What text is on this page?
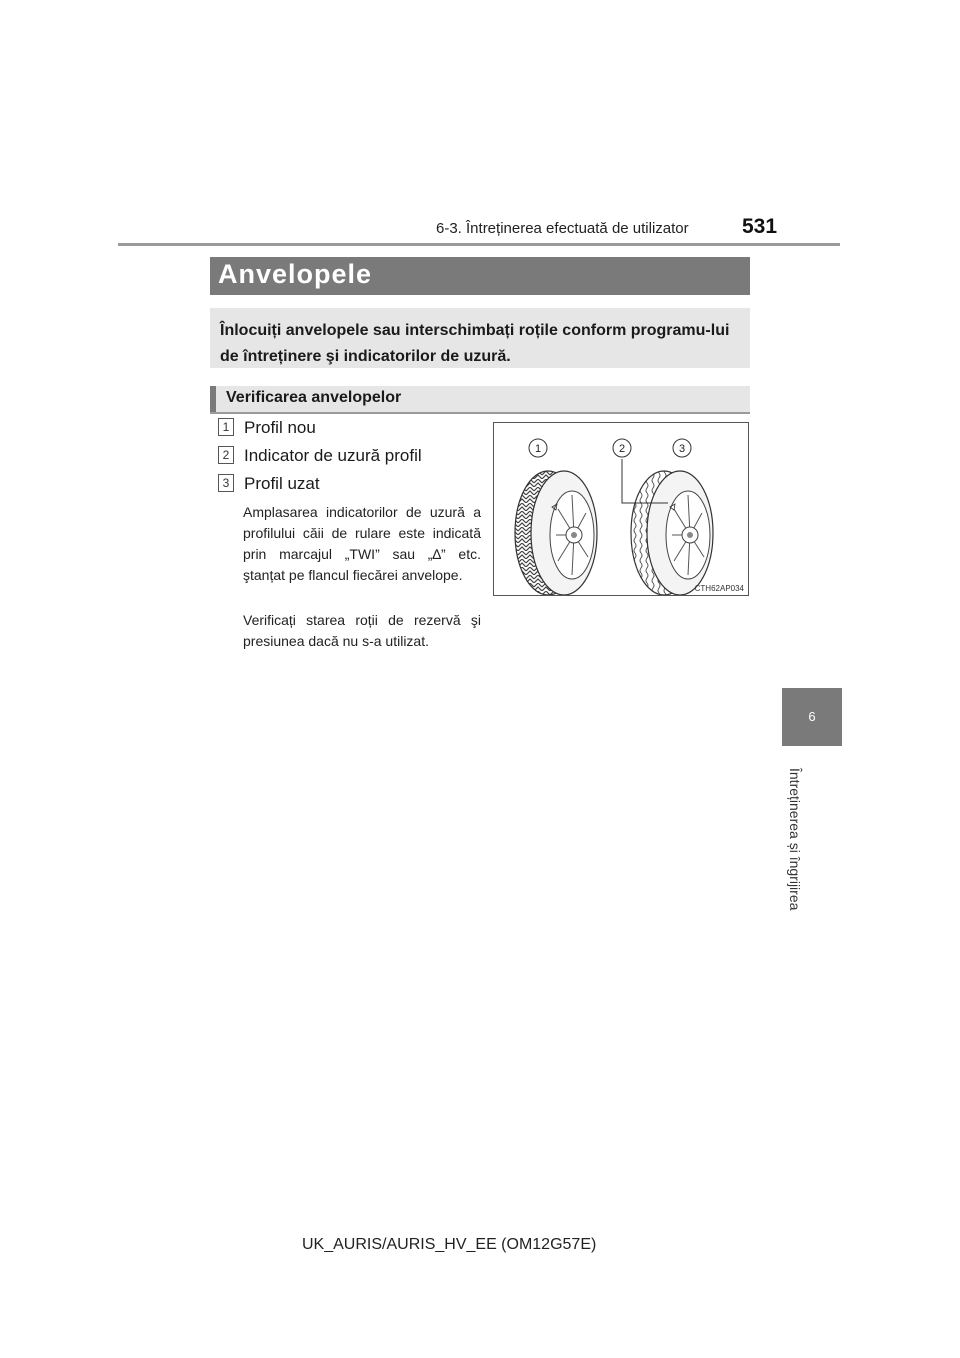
6-3. Întreținerea efectuată de utilizator	531
6
Întreținerea și îngrijirea
Anvelopele
Înlocuiți anvelopele sau interschimbați roțile conform programu-lui de întreținere şi indicatorilor de uzură.
Verificarea anvelopelor
1 Profil nou
2 Indicator de uzură profil
3 Profil uzat
Amplasarea indicatorilor de uzură a profilului căii de rulare este indicată prin marcajul „TWI” sau „∆” etc. ştanțat pe flancul fiecărei anvelope.
Verificați starea roții de rezervă şi presiunea dacă nu s-a utilizat.
1	2	3
CTH62AP034
UK_AURIS/AURIS_HV_EE (OM12G57E)
